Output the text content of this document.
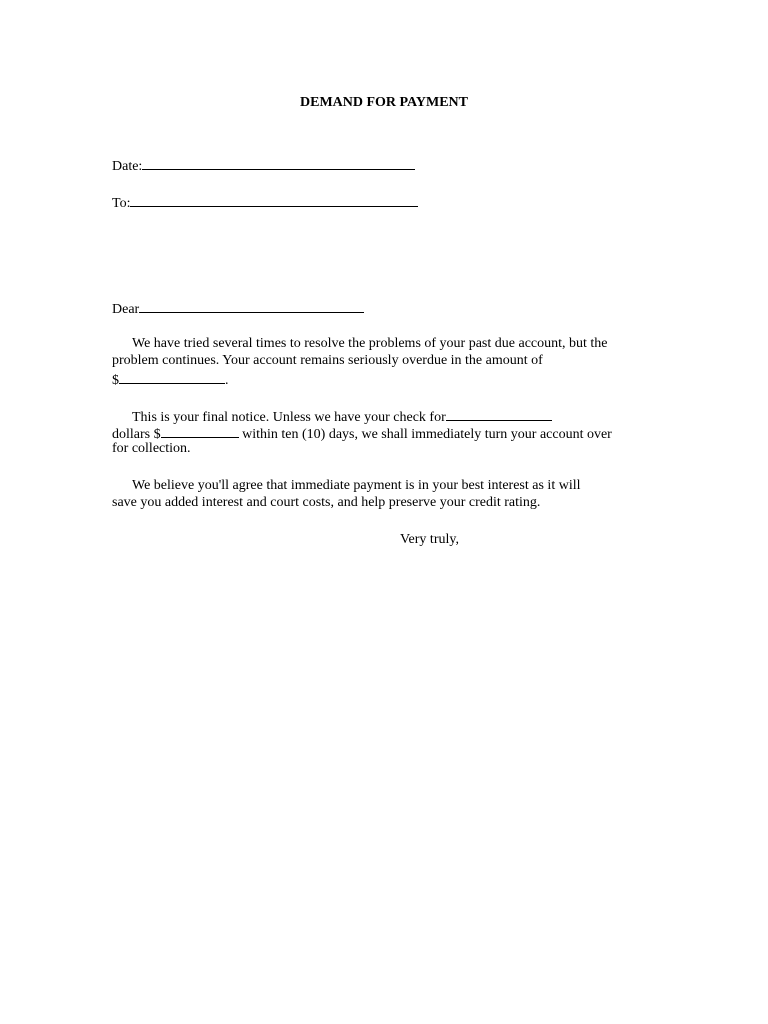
DEMAND FOR PAYMENT
Date:
To:
Dear
We have tried several times to resolve the problems of your past due account, but the
problem continues. Your account remains seriously overdue in the amount of
$	.
This is your final notice. Unless we have your check for
dollars $	within ten (10) days, we shall immediately turn your account over
for collection.
We believe you'll agree that immediate payment is in your best interest as it will
save you added interest and court costs, and help preserve your credit rating.
Very truly,
